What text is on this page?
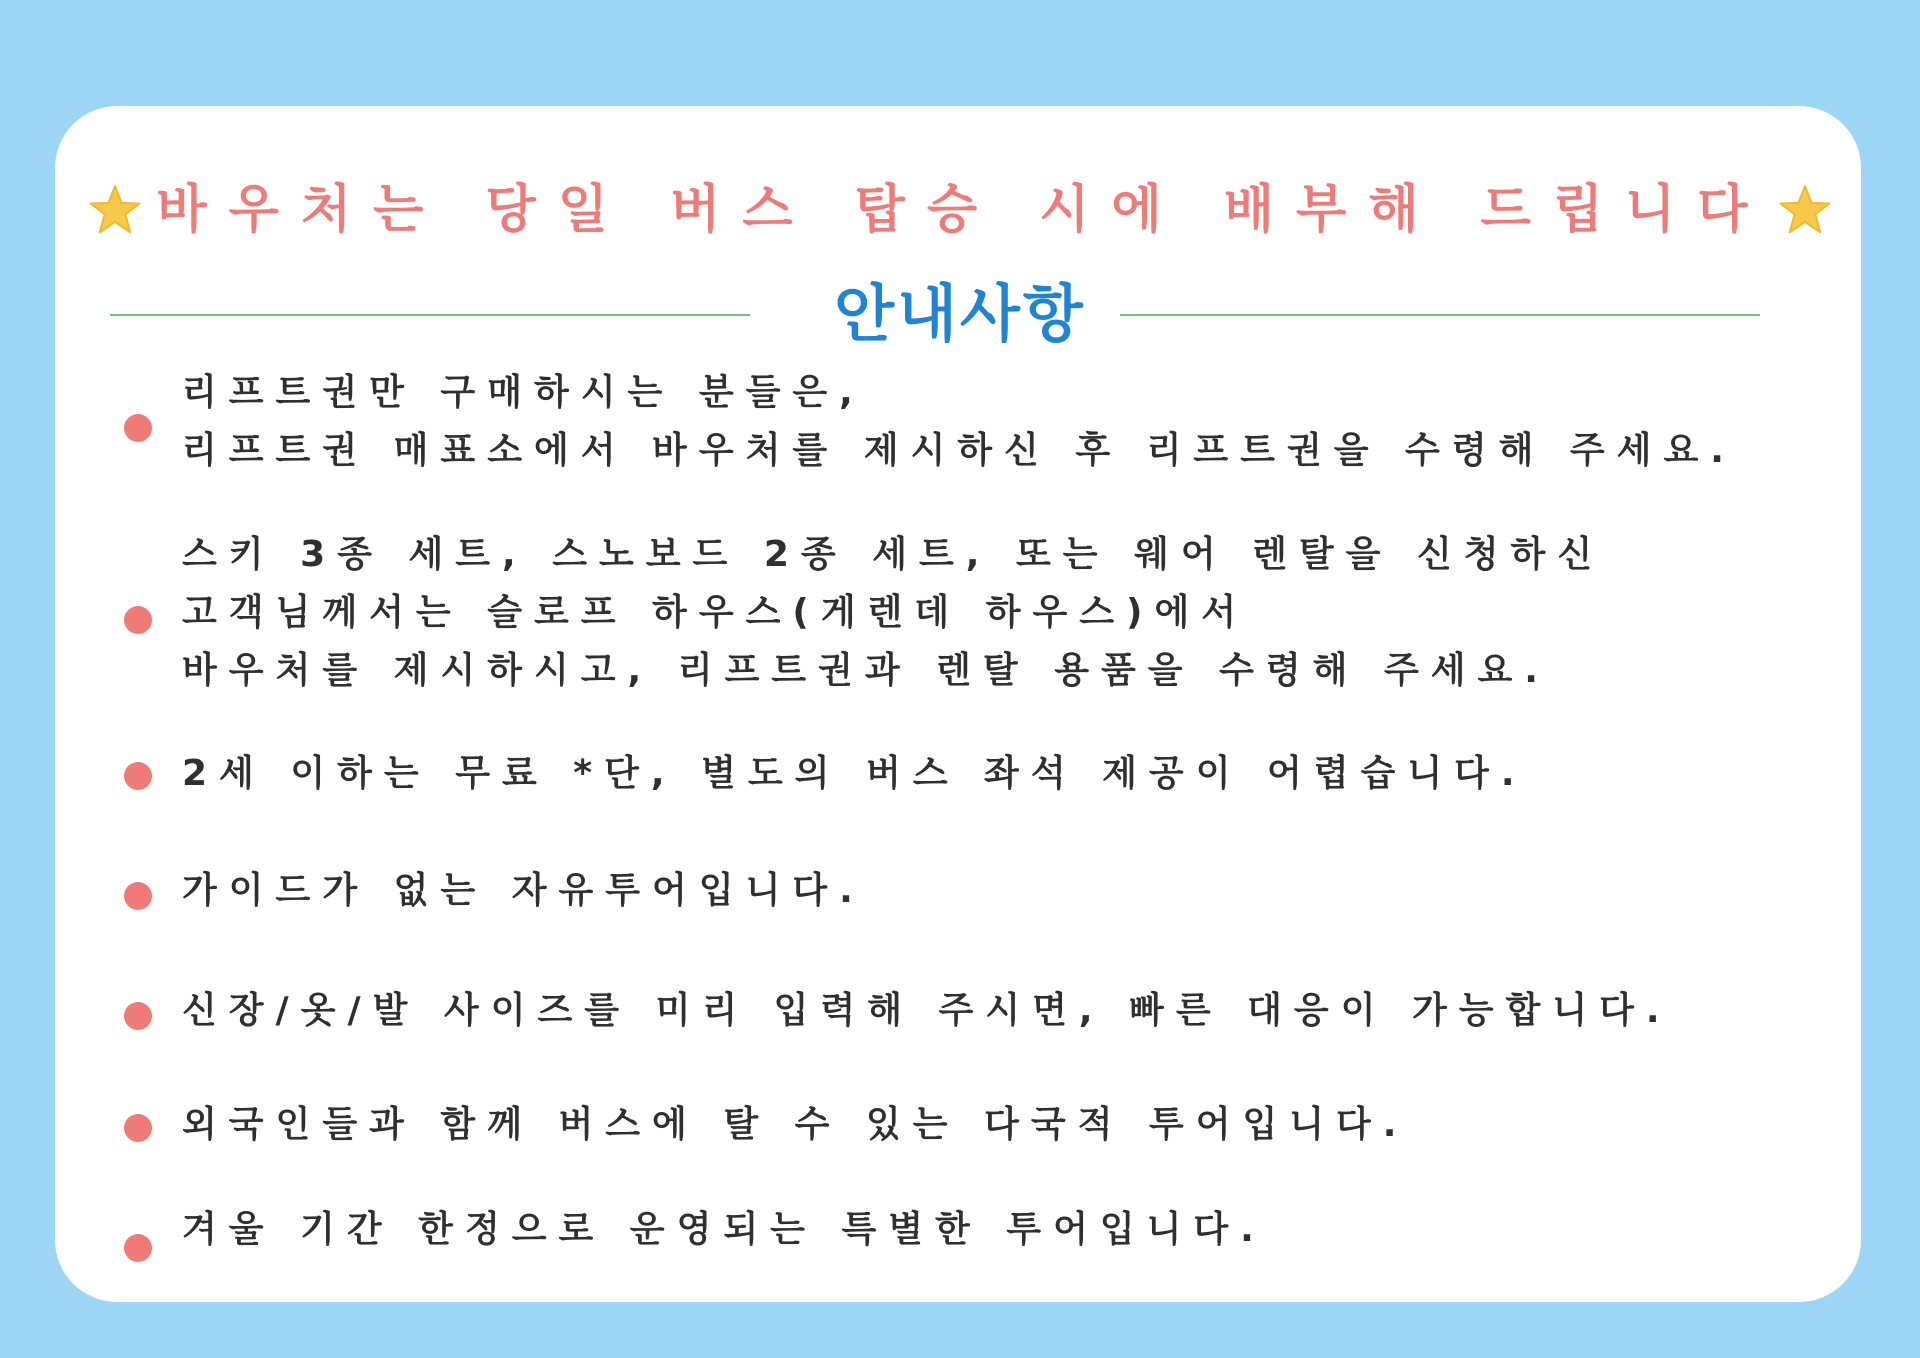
바우처는 당일 버스 탑승 시에 배부해 드립니다
안내사항
리프트권만 구매하시는 분들은,
리프트권 매표소에서 바우처를 제시하신 후 리프트권을 수령해 주세요.
스키 3종 세트, 스노보드 2종 세트, 또는 웨어 렌탈을 신청하신
고객님께서는 슬로프 하우스(게렌데 하우스)에서
바우처를 제시하시고, 리프트권과 렌탈 용품을 수령해 주세요.
2세 이하는 무료 *단, 별도의 버스 좌석 제공이 어렵습니다.
가이드가 없는 자유투어입니다.
신장/옷/발 사이즈를 미리 입력해 주시면, 빠른 대응이 가능합니다.
외국인들과 함께 버스에 탈 수 있는 다국적 투어입니다.
겨울 기간 한정으로 운영되는 특별한 투어입니다.
